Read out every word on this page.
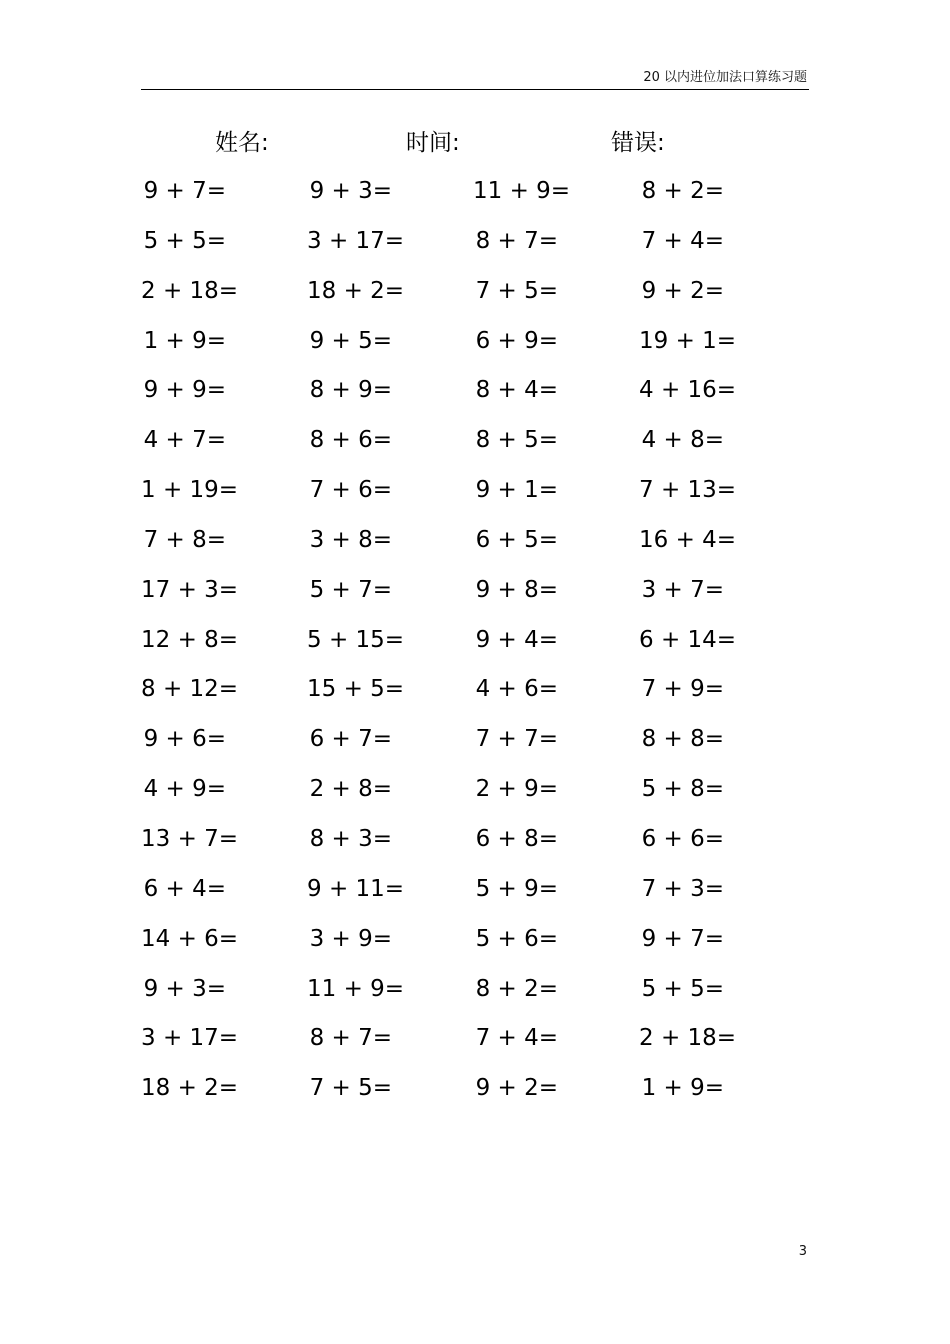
20 以内进位加法口算练习题
姓名:	时间:	错误:
9 + 7=	9 + 3=	11 + 9=	8 + 2=
5 + 5=	3 + 17=	8 + 7=	7 + 4=
2 + 18=	18 + 2=	7 + 5=	9 + 2=
1 + 9=	9 + 5=	6 + 9=	19 + 1=
9 + 9=	8 + 9=	8 + 4=	4 + 16=
4 + 7=	8 + 6=	8 + 5=	4 + 8=
1 + 19=	7 + 6=	9 + 1=	7 + 13=
7 + 8=	3 + 8=	6 + 5=	16 + 4=
17 + 3=	5 + 7=	9 + 8=	3 + 7=
12 + 8=	5 + 15=	9 + 4=	6 + 14=
8 + 12=	15 + 5=	4 + 6=	7 + 9=
9 + 6=	6 + 7=	7 + 7=	8 + 8=
4 + 9=	2 + 8=	2 + 9=	5 + 8=
13 + 7=	8 + 3=	6 + 8=	6 + 6=
6 + 4=	9 + 11=	5 + 9=	7 + 3=
14 + 6=	3 + 9=	5 + 6=	9 + 7=
9 + 3=	11 + 9=	8 + 2=	5 + 5=
3 + 17=	8 + 7=	7 + 4=	2 + 18=
18 + 2=	7 + 5=	9 + 2=	1 + 9=
3
